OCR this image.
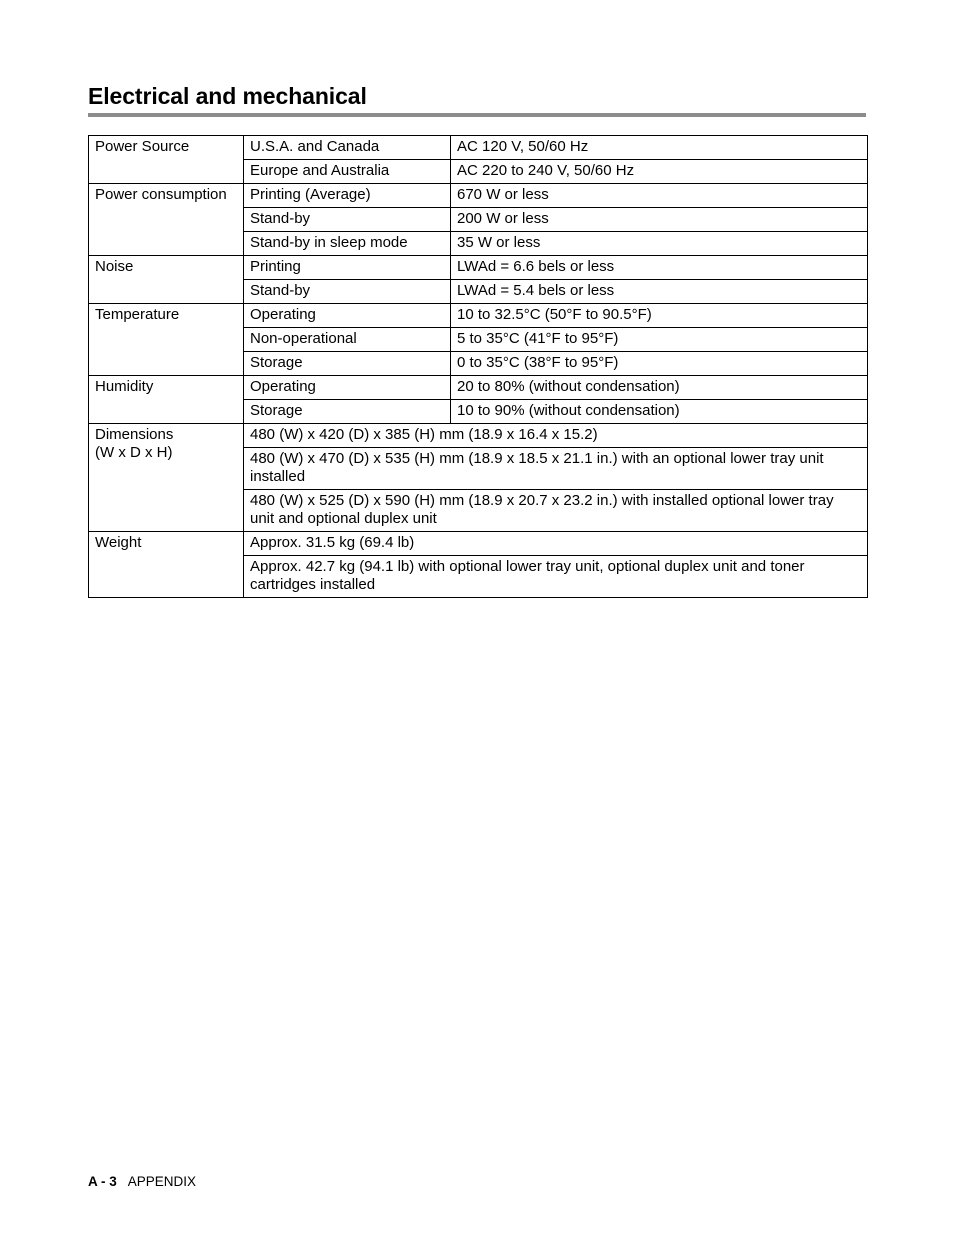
Electrical and mechanical
Power Source	U.S.A. and Canada	AC 120 V, 50/60 Hz
	Europe and Australia	AC 220 to 240 V, 50/60 Hz
Power consumption	Printing (Average)	670 W or less
	Stand-by	200 W or less
	Stand-by in sleep mode	35 W or less
Noise	Printing	LWAd = 6.6 bels or less
	Stand-by	LWAd = 5.4 bels or less
Temperature	Operating	10 to 32.5°C (50°F to 90.5°F)
	Non-operational	5 to 35°C (41°F to 95°F)
	Storage	0 to 35°C (38°F to 95°F)
Humidity	Operating	20 to 80% (without condensation)
	Storage	10 to 90% (without condensation)
Dimensions
(W x D x H)	480 (W) x 420 (D) x 385 (H) mm (18.9 x 16.4 x 15.2)	
	480 (W) x 470 (D) x 535 (H) mm (18.9 x 18.5 x 21.1 in.) with an optional lower tray unit installed	
	480 (W) x 525 (D) x 590 (H) mm (18.9 x 20.7 x 23.2 in.) with installed optional lower tray unit and optional duplex unit	
Weight	Approx. 31.5 kg (69.4 lb)	
	Approx. 42.7 kg (94.1 lb) with optional lower tray unit, optional duplex unit and toner cartridges installed	
A - 3 APPENDIX
